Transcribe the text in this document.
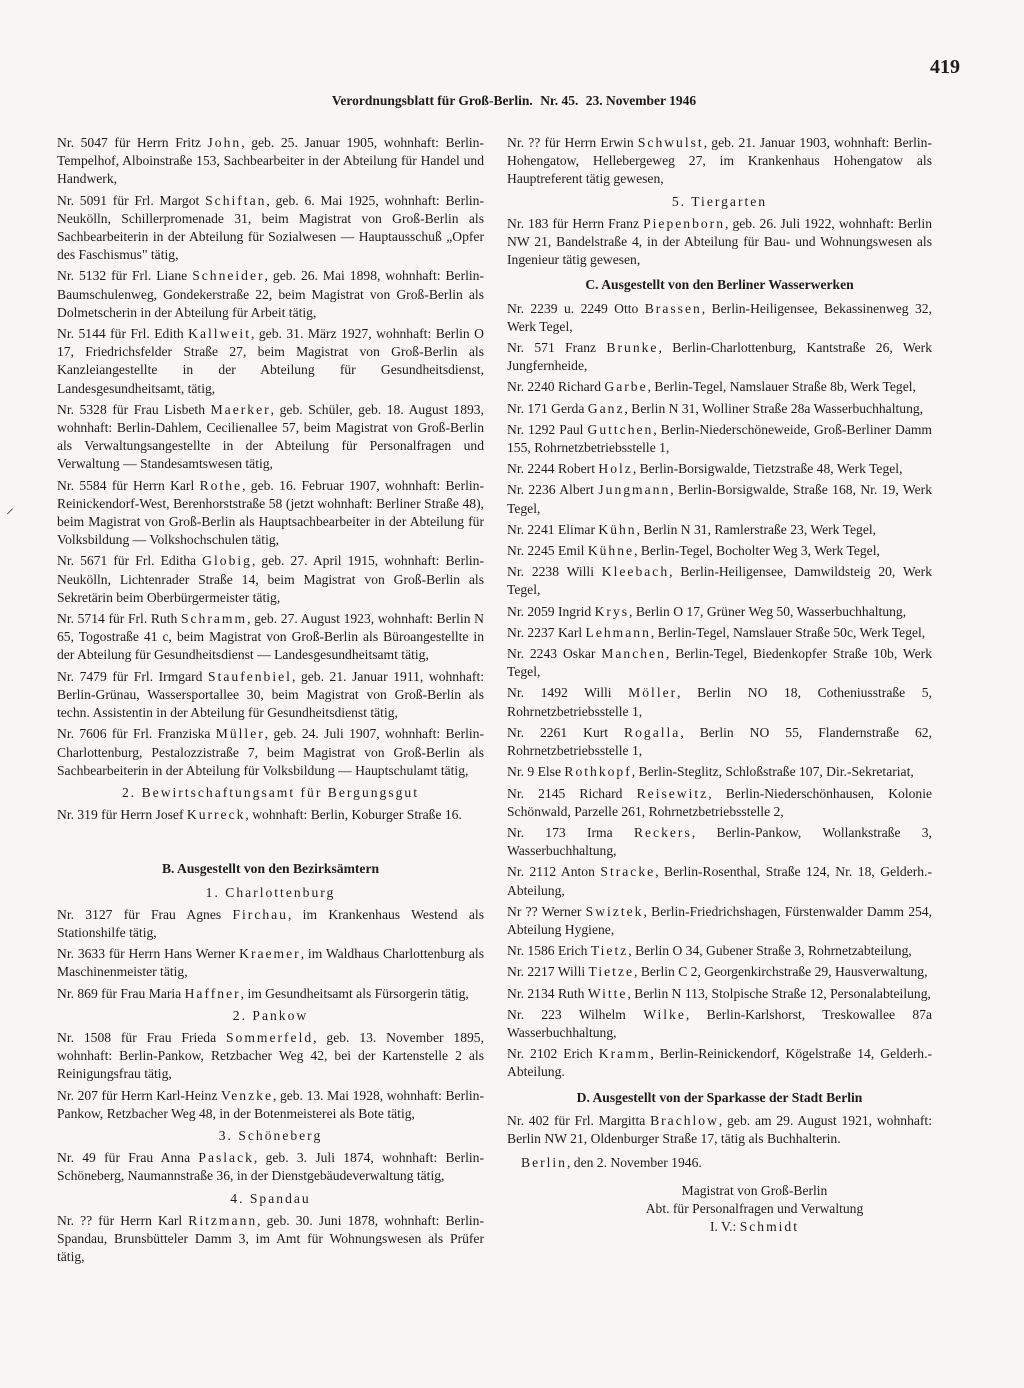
419
Verordnungsblatt für Groß-Berlin. Nr. 45. 23. November 1946
⸝

Nr. 5047 für Herrn Fritz John, geb. 25. Januar 1905, wohnhaft: Berlin-Tempelhof, Alboinstraße 153, Sachbearbeiter in der Abteilung für Handel und Handwerk,

Nr. 5091 für Frl. Margot Schiftan, geb. 6. Mai 1925, wohnhaft: Berlin-Neukölln, Schillerpromenade 31, beim Magistrat von Groß-Berlin als Sachbearbeiterin in der Abteilung für Sozialwesen — Hauptausschuß „Opfer des Faschismus" tätig,

Nr. 5132 für Frl. Liane Schneider, geb. 26. Mai 1898, wohnhaft: Berlin-Baumschulenweg, Gondekerstraße 22, beim Magistrat von Groß-Berlin als Dolmetscherin in der Abteilung für Arbeit tätig,

Nr. 5144 für Frl. Edith Kallweit, geb. 31. März 1927, wohnhaft: Berlin O 17, Friedrichsfelder Straße 27, beim Magistrat von Groß-Berlin als Kanzleiangestellte in der Abteilung für Gesundheitsdienst, Landesgesundheitsamt, tätig,

Nr. 5328 für Frau Lisbeth Maerker, geb. Schüler, geb. 18. August 1893, wohnhaft: Berlin-Dahlem, Cecilienallee 57, beim Magistrat von Groß-Berlin als Verwaltungsangestellte in der Abteilung für Personalfragen und Verwaltung — Standesamtswesen tätig,

Nr. 5584 für Herrn Karl Rothe, geb. 16. Februar 1907, wohnhaft: Berlin-Reinickendorf-West, Berenhorststraße 58 (jetzt wohnhaft: Berliner Straße 48), beim Magistrat von Groß-Berlin als Hauptsachbearbeiter in der Abteilung für Volksbildung — Volkshochschulen tätig,

Nr. 5671 für Frl. Editha Globig, geb. 27. April 1915, wohnhaft: Berlin-Neukölln, Lichtenrader Straße 14, beim Magistrat von Groß-Berlin als Sekretärin beim Oberbürgermeister tätig,

Nr. 5714 für Frl. Ruth Schramm, geb. 27. August 1923, wohnhaft: Berlin N 65, Togostraße 41 c, beim Magistrat von Groß-Berlin als Büroangestellte in der Abteilung für Gesundheitsdienst — Landesgesundheitsamt tätig,

Nr. 7479 für Frl. Irmgard Staufenbiel, geb. 21. Januar 1911, wohnhaft: Berlin-Grünau, Wassersportallee 30, beim Magistrat von Groß-Berlin als techn. Assistentin in der Abteilung für Gesundheitsdienst tätig,

Nr. 7606 für Frl. Franziska Müller, geb. 24. Juli 1907, wohnhaft: Berlin-Charlottenburg, Pestalozzistraße 7, beim Magistrat von Groß-Berlin als Sachbearbeiterin in der Abteilung für Volksbildung — Hauptschulamt tätig,

2. Bewirtschaftungsamt für Bergungsgut

Nr. 319 für Herrn Josef Kurreck, wohnhaft: Berlin, Koburger Straße 16.

B. Ausgestellt von den Bezirksämtern
1. Charlottenburg

Nr. 3127 für Frau Agnes Firchau, im Krankenhaus Westend als Stationshilfe tätig,

Nr. 3633 für Herrn Hans Werner Kraemer, im Waldhaus Charlottenburg als Maschinenmeister tätig,

Nr. 869 für Frau Maria Haffner, im Gesundheitsamt als Fürsorgerin tätig,

2. Pankow

Nr. 1508 für Frau Frieda Sommerfeld, geb. 13. November 1895, wohnhaft: Berlin-Pankow, Retzbacher Weg 42, bei der Kartenstelle 2 als Reinigungsfrau tätig,

Nr. 207 für Herrn Karl-Heinz Venzke, geb. 13. Mai 1928, wohnhaft: Berlin-Pankow, Retzbacher Weg 48, in der Botenmeisterei als Bote tätig,

3. Schöneberg

Nr. 49 für Frau Anna Paslack, geb. 3. Juli 1874, wohnhaft: Berlin-Schöneberg, Naumannstraße 36, in der Dienstgebäudeverwaltung tätig,

4. Spandau

Nr. ?? für Herrn Karl Ritzmann, geb. 30. Juni 1878, wohnhaft: Berlin-Spandau, Brunsbütteler Damm 3, im Amt für Wohnungswesen als Prüfer tätig,

Nr. ?? für Herrn Erwin Schwulst, geb. 21. Januar 1903, wohnhaft: Berlin-Hohengatow, Hellebergeweg 27, im Krankenhaus Hohengatow als Hauptreferent tätig gewesen,

5. Tiergarten

Nr. 183 für Herrn Franz Piepenborn, geb. 26. Juli 1922, wohnhaft: Berlin NW 21, Bandelstraße 4, in der Abteilung für Bau- und Wohnungswesen als Ingenieur tätig gewesen,

C. Ausgestellt von den Berliner Wasserwerken

Nr. 2239 u. 2249 Otto Brassen, Berlin-Heiligensee, Bekassinenweg 32, Werk Tegel,

Nr. 571 Franz Brunke, Berlin-Charlottenburg, Kantstraße 26, Werk Jungfernheide,

Nr. 2240 Richard Garbe, Berlin-Tegel, Namslauer Straße 8b, Werk Tegel,

Nr. 171 Gerda Ganz, Berlin N 31, Wolliner Straße 28a Wasserbuchhaltung,

Nr. 1292 Paul Guttchen, Berlin-Niederschöneweide, Groß-Berliner Damm 155, Rohrnetzbetriebsstelle 1,

Nr. 2244 Robert Holz, Berlin-Borsigwalde, Tietzstraße 48, Werk Tegel,

Nr. 2236 Albert Jungmann, Berlin-Borsigwalde, Straße 168, Nr. 19, Werk Tegel,

Nr. 2241 Elimar Kühn, Berlin N 31, Ramlerstraße 23, Werk Tegel,

Nr. 2245 Emil Kühne, Berlin-Tegel, Bocholter Weg 3, Werk Tegel,

Nr. 2238 Willi Kleebach, Berlin-Heiligensee, Damwildsteig 20, Werk Tegel,

Nr. 2059 Ingrid Krys, Berlin O 17, Grüner Weg 50, Wasserbuchhaltung,

Nr. 2237 Karl Lehmann, Berlin-Tegel, Namslauer Straße 50c, Werk Tegel,

Nr. 2243 Oskar Manchen, Berlin-Tegel, Biedenkopfer Straße 10b, Werk Tegel,

Nr. 1492 Willi Möller, Berlin NO 18, Cotheniusstraße 5, Rohrnetzbetriebsstelle 1,

Nr. 2261 Kurt Rogalla, Berlin NO 55, Flandernstraße 62, Rohrnetzbetriebsstelle 1,

Nr. 9 Else Rothkopf, Berlin-Steglitz, Schloßstraße 107, Dir.-Sekretariat,

Nr. 2145 Richard Reisewitz, Berlin-Niederschönhausen, Kolonie Schönwald, Parzelle 261, Rohrnetzbetriebsstelle 2,

Nr. 173 Irma Reckers, Berlin-Pankow, Wollankstraße 3, Wasserbuchhaltung,

Nr. 2112 Anton Stracke, Berlin-Rosenthal, Straße 124, Nr. 18, Gelderh.-Abteilung,

Nr ?? Werner Swiztek, Berlin-Friedrichshagen, Fürstenwalder Damm 254, Abteilung Hygiene,

Nr. 1586 Erich Tietz, Berlin O 34, Gubener Straße 3, Rohrnetzabteilung,

Nr. 2217 Willi Tietze, Berlin C 2, Georgenkirchstraße 29, Hausverwaltung,

Nr. 2134 Ruth Witte, Berlin N 113, Stolpische Straße 12, Personalabteilung,

Nr. 223 Wilhelm Wilke, Berlin-Karlshorst, Treskowallee 87a Wasserbuchhaltung,

Nr. 2102 Erich Kramm, Berlin-Reinickendorf, Kögelstraße 14, Gelderh.-Abteilung.

D. Ausgestellt von der Sparkasse der Stadt Berlin

Nr. 402 für Frl. Margitta Brachlow, geb. am 29. August 1921, wohnhaft: Berlin NW 21, Oldenburger Straße 17, tätig als Buchhalterin.

Berlin, den 2. November 1946.
Magistrat von Groß-Berlin
Abt. für Personalfragen und Verwaltung
I. V.: Schmidt
